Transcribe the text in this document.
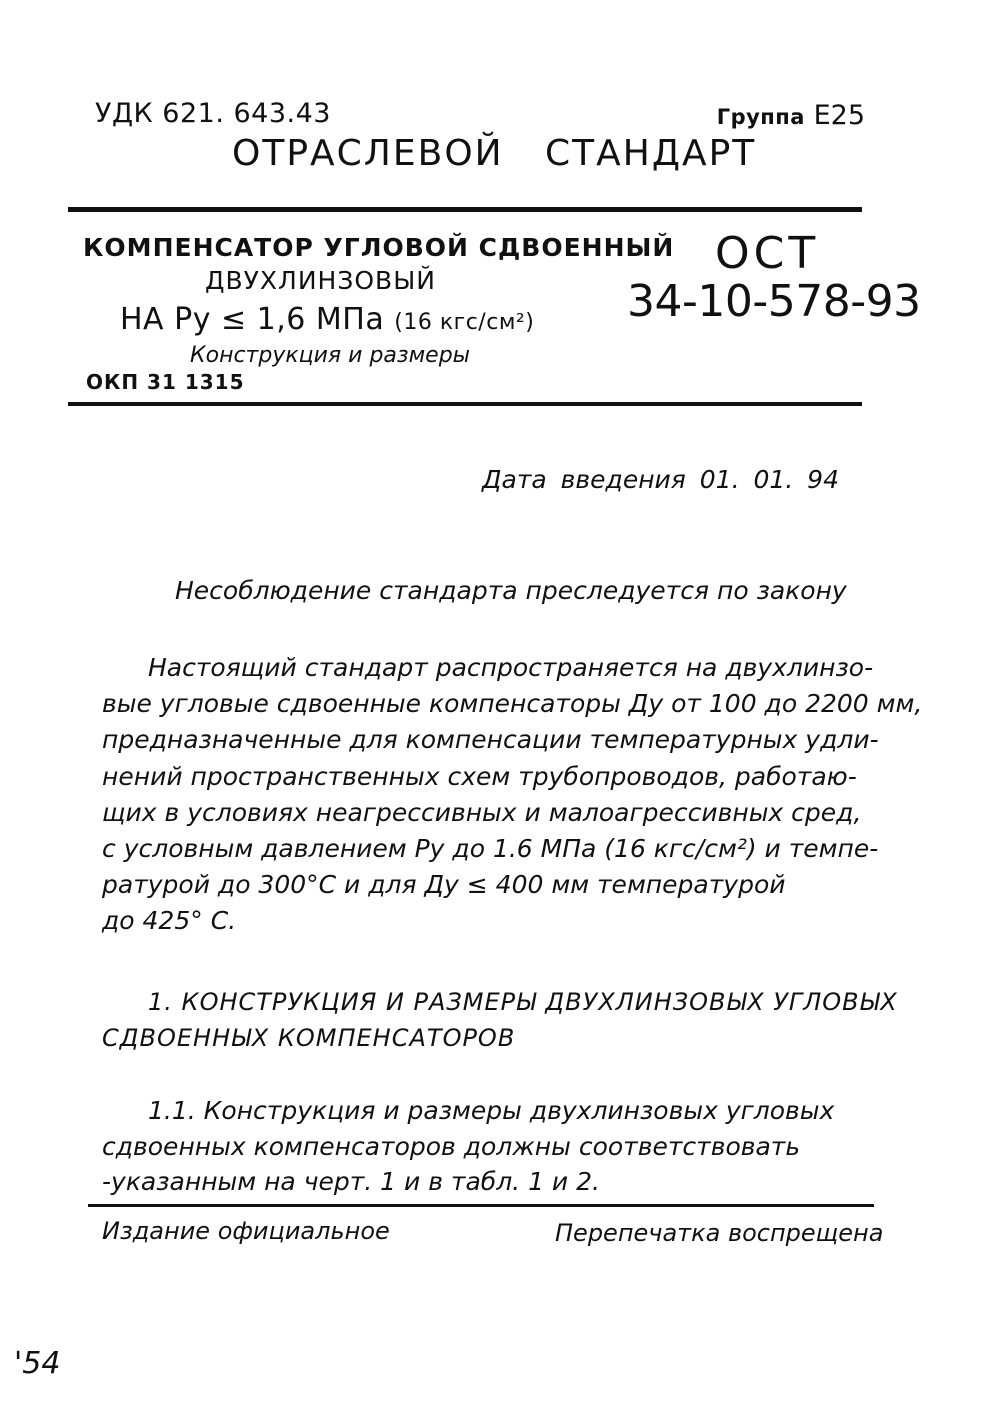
УДК 621. 643.43	Группа Е25
ОТРАСЛЕВОЙ СТАНДАРТ
КОМПЕНСАТОР УГЛОВОЙ СДВОЕННЫЙ
ДВУХЛИНЗОВЫЙ
НА Ру ≤ 1,6 МПа (16 кгс/см²)
Конструкция и размеры
ОКП 31 1315
ОСТ
34-10-578-93
Дата введения 01. 01. 94
Несоблюдение стандарта преследуется по закону
Настоящий стандарт распространяется на двухлинзо-
вые угловые сдвоенные компенсаторы Ду от 100 до 2200 мм,
предназначенные для компенсации температурных удли-
нений пространственных схем трубопроводов, работаю-
щих в условиях неагрессивных и малоагрессивных сред,
с условным давлением Ру до 1.6 МПа (16 кгс/см²) и темпе-
ратурой до 300°С и для Ду ≤ 400 мм температурой
до 425° С.
1. КОНСТРУКЦИЯ И РАЗМЕРЫ ДВУХЛИНЗОВЫХ УГЛОВЫХ
СДВОЕННЫХ КОМПЕНСАТОРОВ
1.1. Конструкция и размеры двухлинзовых угловых
сдвоенных компенсаторов должны соответствовать
-указанным на черт. 1 и в табл. 1 и 2.
Издание официальное	Перепечатка воспрещена
'54
